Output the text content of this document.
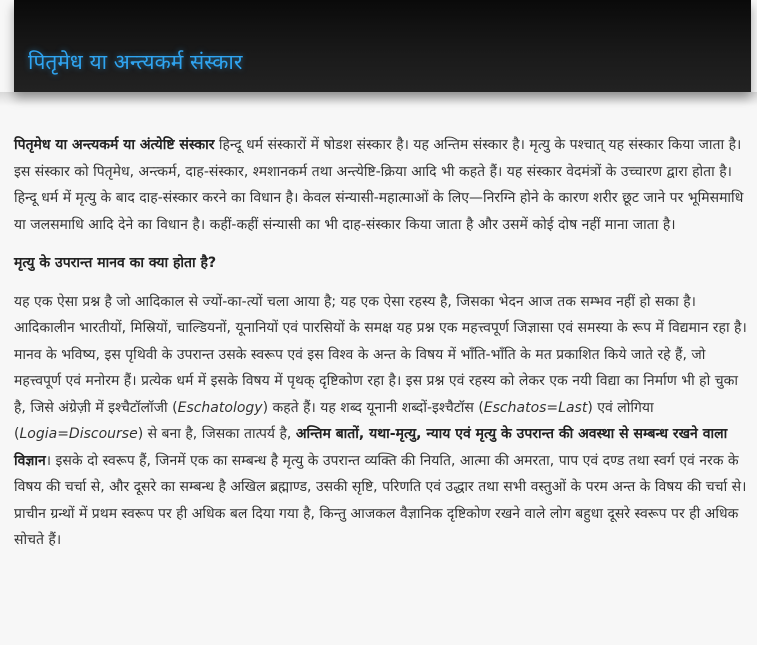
पितृमेध या अन्त्यकर्म संस्कार

पितृमेध या अन्त्यकर्म या अंत्येष्टि संस्कार हिन्दू धर्म संस्कारों में षोडश संस्कार है। यह अन्तिम संस्कार है। मृत्यु के पश्चात् यह संस्कार किया जाता है। इस संस्कार को पितृमेध, अन्त्कर्म, दाह-संस्कार, श्मशानकर्म तथा अन्त्येष्टि-क्रिया आदि भी कहते हैं। यह संस्कार वेदमंत्रों के उच्चारण द्वारा होता है। हिन्दू धर्म में मृत्यु के बाद दाह-संस्कार करने का विधान है। केवल संन्यासी-महात्माओं के लिए—निरग्नि होने के कारण शरीर छूट जाने पर भूमिसमाधि या जलसमाधि आदि देने का विधान है। कहीं-कहीं संन्यासी का भी दाह-संस्कार किया जाता है और उसमें कोई दोष नहीं माना जाता है।

मृत्यु के उपरान्त मानव का क्या होता है?

यह एक ऐसा प्रश्न है जो आदिकाल से ज्यों-का-त्यों चला आया है; यह एक ऐसा रहस्य है, जिसका भेदन आज तक सम्भव नहीं हो सका है। आदिकालीन भारतीयों, मिस्रियों, चाल्डियनों, यूनानियों एवं पारसियों के समक्ष यह प्रश्न एक महत्त्वपूर्ण जिज्ञासा एवं समस्या के रूप में विद्यमान रहा है। मानव के भविष्य, इस पृथिवी के उपरान्त उसके स्वरूप एवं इस विश्व के अन्त के विषय में भाँति-भाँति के मत प्रकाशित किये जाते रहे हैं, जो महत्त्वपूर्ण एवं मनोरम हैं। प्रत्येक धर्म में इसके विषय में पृथक् दृष्टिकोण रहा है। इस प्रश्न एवं रहस्य को लेकर एक नयी विद्या का निर्माण भी हो चुका है, जिसे अंग्रेज़ी में इश्चैटॉलॉजी (Eschatology) कहते हैं। यह शब्द यूनानी शब्दों-इश्चैटॉस (Eschatos=Last) एवं लोगिया (Logia=Discourse) से बना है, जिसका तात्पर्य है, अन्तिम बातों, यथा-मृत्यु, न्याय एवं मृत्यु के उपरान्त की अवस्था से सम्बन्ध रखने वाला विज्ञान। इसके दो स्वरूप हैं, जिनमें एक का सम्बन्ध है मृत्यु के उपरान्त व्यक्ति की नियति, आत्मा की अमरता, पाप एवं दण्ड तथा स्वर्ग एवं नरक के विषय की चर्चा से, और दूसरे का सम्बन्ध है अखिल ब्रह्माण्ड, उसकी सृष्टि, परिणति एवं उद्धार तथा सभी वस्तुओं के परम अन्त के विषय की चर्चा से। प्राचीन ग्रन्थों में प्रथम स्वरूप पर ही अधिक बल दिया गया है, किन्तु आजकल वैज्ञानिक दृष्टिकोण रखने वाले लोग बहुधा दूसरे स्वरूप पर ही अधिक सोचते हैं।
